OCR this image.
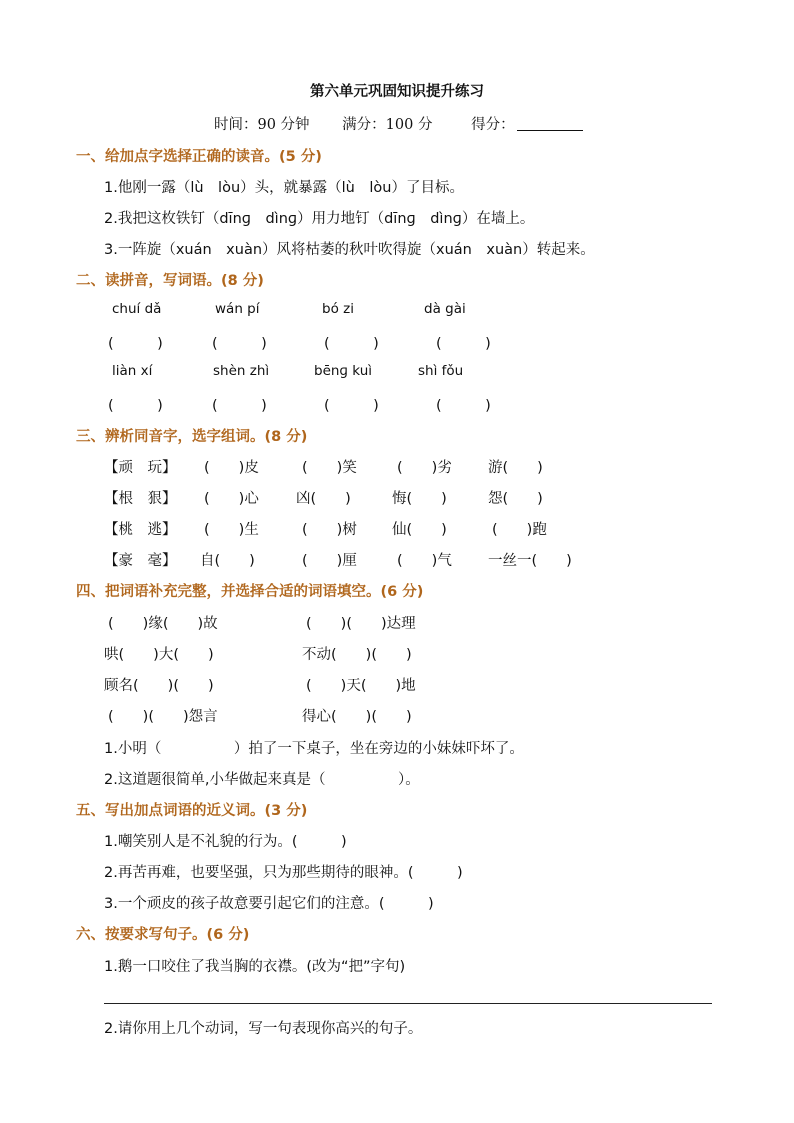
第六单元巩固知识提升练习
时间：90 分钟 满分：100 分	得分：
一、给加点字选择正确的读音。(5 分)
1.他刚一露（lù　lòu）头，就暴露（lù　lòu）了目标。
2.我把这枚铁钉（dīnɡ　dìnɡ）用力地钉（dīnɡ　dìnɡ）在墙上。
3.一阵旋（xuán　xuàn）风将枯萎的秋叶吹得旋（xuán　xuàn）转起来。
二、读拼音，写词语。(8 分)
chuí dǎ	wán pí	bó zi	dà gài
(　　　)	(　　　)	(　　　)	(　　　)
liàn xí	shèn zhì	bēnɡ kuì	shì fǒu
(　　　)	(　　　)	(　　　)	(　　　)
三、辨析同音字，选字组词。(8 分)
【顽　玩】 (　　)皮	(　　)笑	(　　)劣 游(　　)
【根　狠】 (　　)心	凶(　　)	悔(　　)	怨(　　)
【桃　逃】 (　　)生	(　　)树 仙(　　)	(　　)跑
【豪　毫】 自(　　)	(　　)厘	(　　)气 一丝一(　　)
四、把词语补充完整，并选择合适的词语填空。(6 分)
(　　)缘(　　)故	(　　)(　　)达理
哄(　　)大(　　)	不动(　　)(　　)
顾名(　　)(　　)	(　　)天(　　)地
(　　)(　　)怨言	得心(　　)(　　)
1.小明（　　　　　）拍了一下桌子，坐在旁边的小妹妹吓坏了。
2.这道题很简单,小华做起来真是（　　　　　）。
五、写出加点词语的近义词。(3 分)
1.嘲笑别人是不礼貌的行为。(　　　)
2.再苦再难，也要坚强，只为那些期待的眼神。(　　　)
3.一个顽皮的孩子故意要引起它们的注意。(　　　)
六、按要求写句子。(6 分)
1.鹅一口咬住了我当胸的衣襟。(改为“把”字句)
2.请你用上几个动词，写一句表现你高兴的句子。
